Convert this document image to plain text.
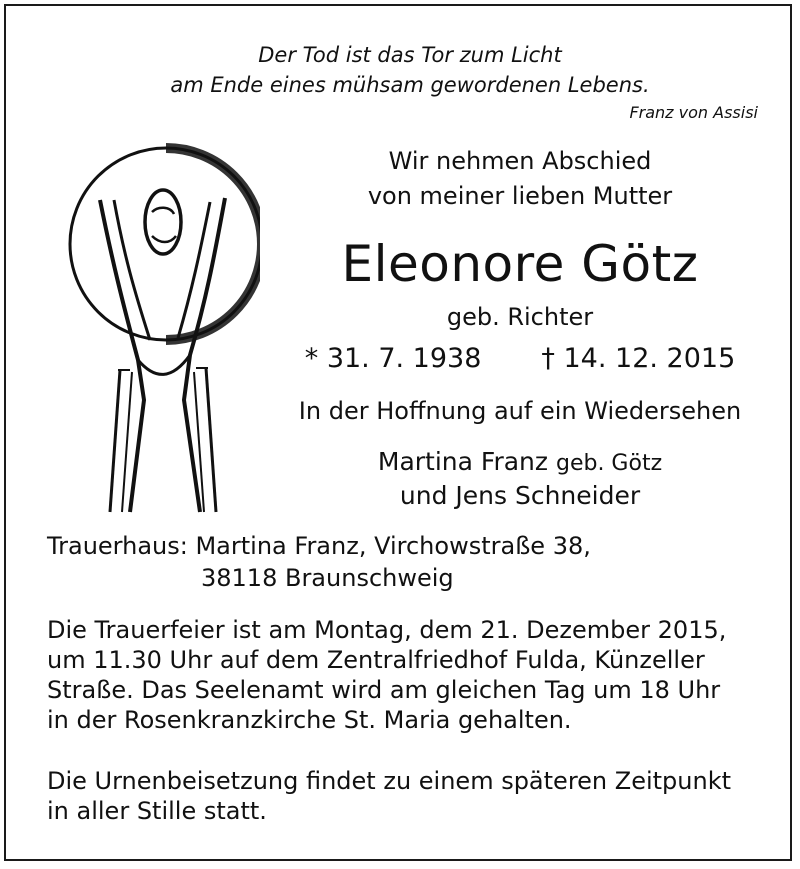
Der Tod ist das Tor zum Licht
am Ende eines mühsam gewordenen Lebens.
Franz von Assisi
Wir nehmen Abschied
von meiner lieben Mutter
Eleonore Götz
geb. Richter
* 31. 7. 1938 † 14. 12. 2015
In der Hoffnung auf ein Wiedersehen
Martina Franz geb. Götz
und Jens Schneider
Trauerhaus: Martina Franz, Virchowstraße 38,
38118 Braunschweig
Die Trauerfeier ist am Montag, dem 21. Dezember 2015,
um 11.30 Uhr auf dem Zentralfriedhof Fulda, Künzeller
Straße. Das Seelenamt wird am gleichen Tag um 18 Uhr
in der Rosenkranzkirche St. Maria gehalten.
Die Urnenbeisetzung findet zu einem späteren Zeitpunkt
in aller Stille statt.
